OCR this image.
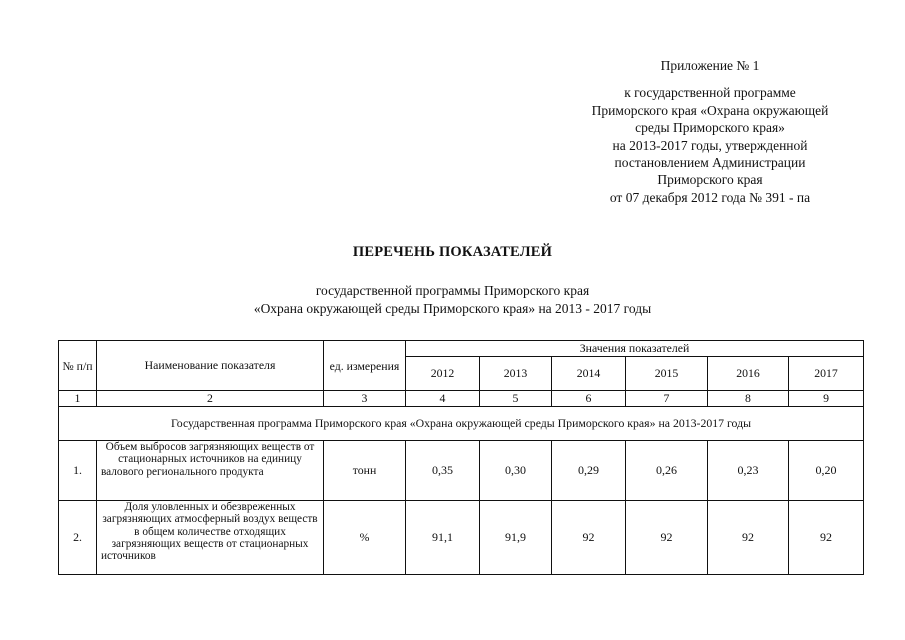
Приложение № 1
к государственной программе
Приморского края «Охрана окружающей
среды Приморского края»
на 2013-2017 годы, утвержденной
постановлением Администрации
Приморского края
от 07 декабря 2012 года № 391 - па
ПЕРЕЧЕНЬ ПОКАЗАТЕЛЕЙ
государственной программы Приморского края
«Охрана окружающей среды Приморского края» на 2013 - 2017 годы
№ п/п	Наименование показателя	ед. измерения	Значения показателей					
			2012	2013	2014	2015	2016	2017
1	2	3	4	5	6	7	8	9
Государственная программа Приморского края «Охрана окружающей среды Приморского края» на 2013-2017 годы								
1.	Объем выбросов загрязняющих веществ от стационарных источников на единицу валового регионального продукта	тонн	0,35	0,30	0,29	0,26	0,23	0,20
2.	Доля уловленных и обезвреженных загрязняющих атмосферный воздух веществ в общем количестве отходящих загрязняющих веществ от стационарных источников	%	91,1	91,9	92	92	92	92
